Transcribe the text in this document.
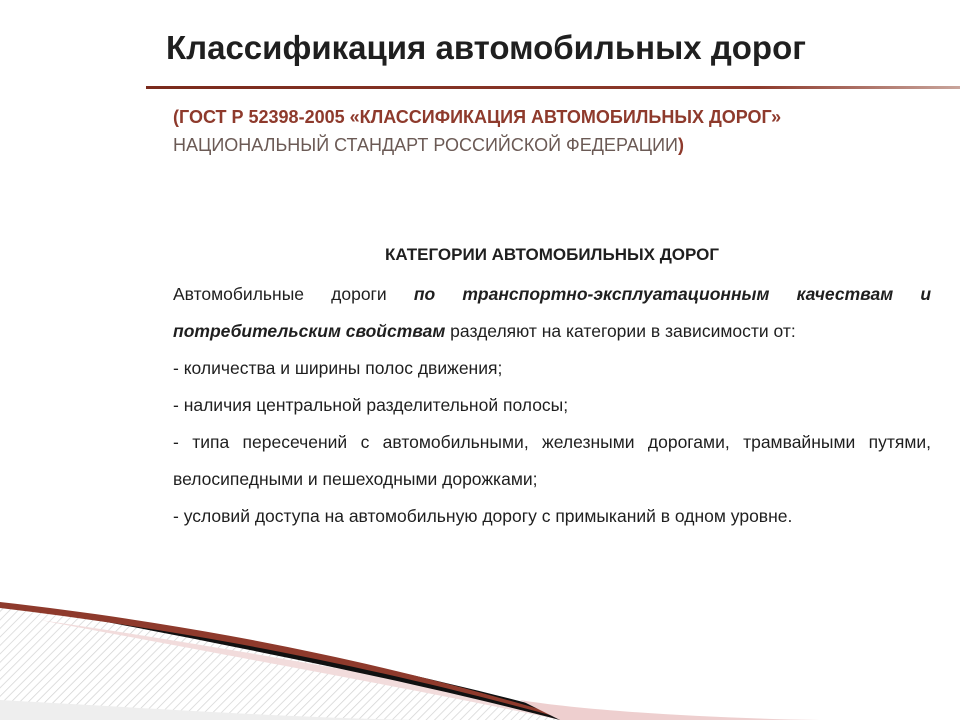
Классификация автомобильных дорог
(ГОСТ Р 52398-2005 «КЛАССИФИКАЦИЯ АВТОМОБИЛЬНЫХ ДОРОГ»
НАЦИОНАЛЬНЫЙ СТАНДАРТ РОССИЙСКОЙ ФЕДЕРАЦИИ)
КАТЕГОРИИ АВТОМОБИЛЬНЫХ ДОРОГ

Автомобильные дороги по транспортно-эксплуатационным качествам и потребительским свойствам разделяют на категории в зависимости от:

- количества и ширины полос движения;

- наличия центральной разделительной полосы;

- типа пересечений с автомобильными, железными дорогами, трамвайными путями, велосипедными и пешеходными дорожками;

- условий доступа на автомобильную дорогу с примыканий в одном уровне.
